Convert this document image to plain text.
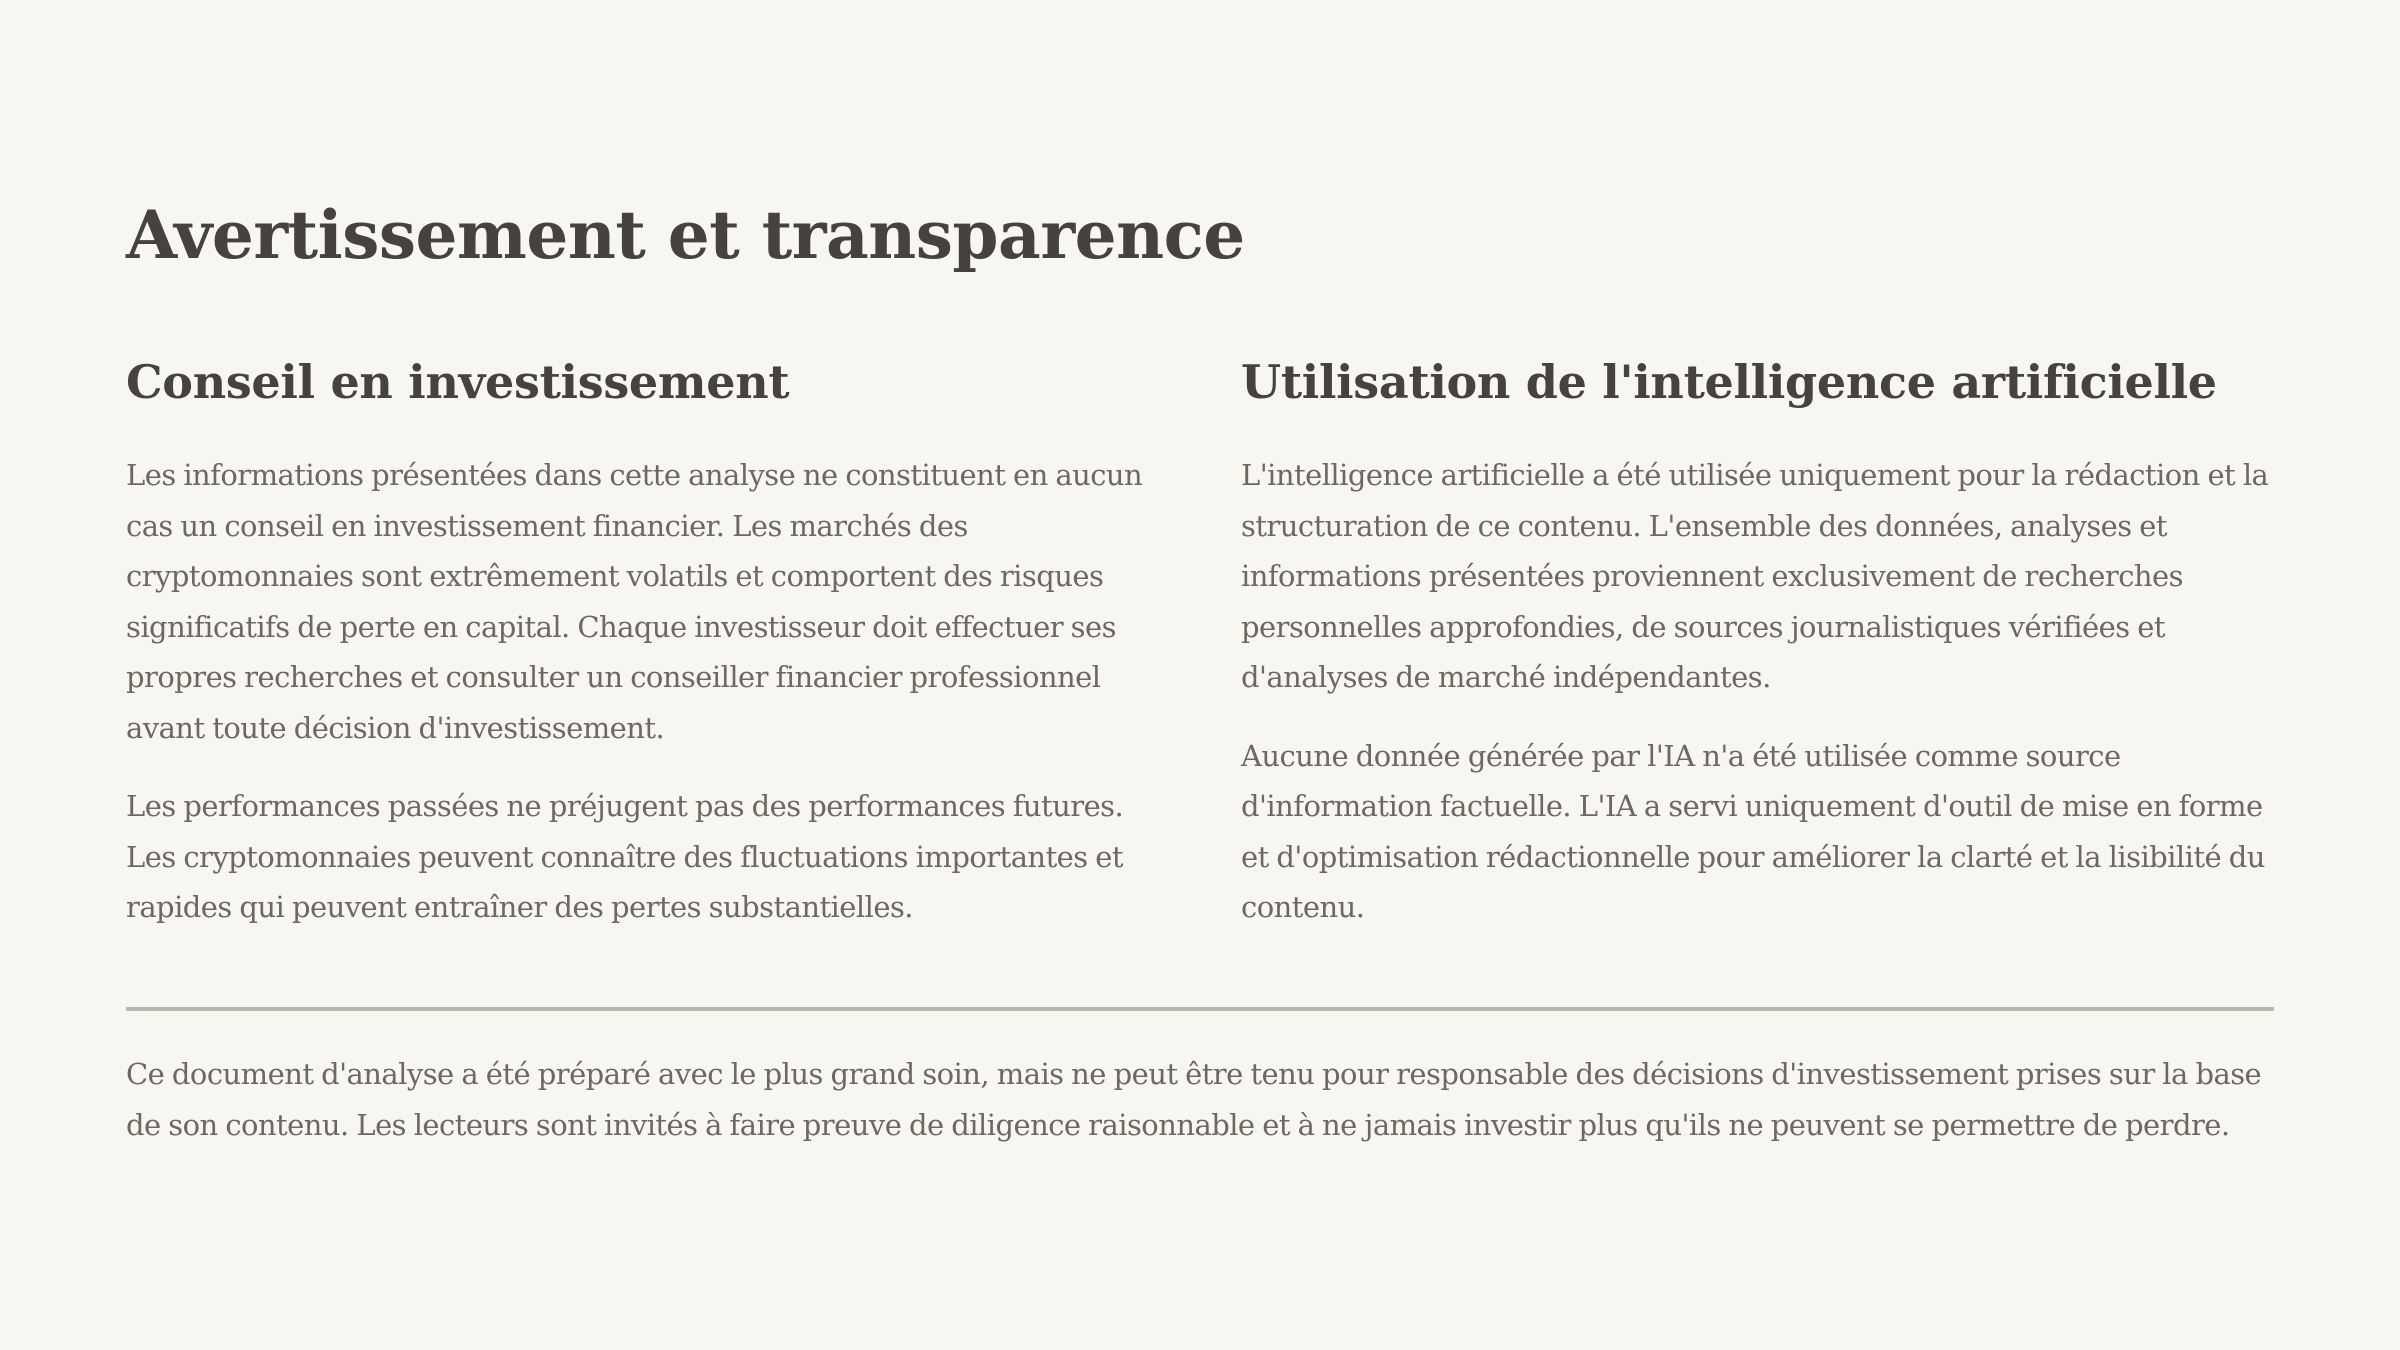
Avertissement et transparence
Conseil en investissement

Les informations présentées dans cette analyse ne constituent en aucun cas un conseil en investissement financier. Les marchés des cryptomonnaies sont extrêmement volatils et comportent des risques significatifs de perte en capital. Chaque investisseur doit effectuer ses propres recherches et consulter un conseiller financier professionnel avant toute décision d'investissement.

Les performances passées ne préjugent pas des performances futures. Les cryptomonnaies peuvent connaître des fluctuations importantes et rapides qui peuvent entraîner des pertes substantielles.

Utilisation de l'intelligence artificielle

L'intelligence artificielle a été utilisée uniquement pour la rédaction et la structuration de ce contenu. L'ensemble des données, analyses et informations présentées proviennent exclusivement de recherches personnelles approfondies, de sources journalistiques vérifiées et d'analyses de marché indépendantes.

Aucune donnée générée par l'IA n'a été utilisée comme source d'information factuelle. L'IA a servi uniquement d'outil de mise en forme et d'optimisation rédactionnelle pour améliorer la clarté et la lisibilité du contenu.

Ce document d'analyse a été préparé avec le plus grand soin, mais ne peut être tenu pour responsable des décisions d'investissement prises sur la base de son contenu. Les lecteurs sont invités à faire preuve de diligence raisonnable et à ne jamais investir plus qu'ils ne peuvent se permettre de perdre.
